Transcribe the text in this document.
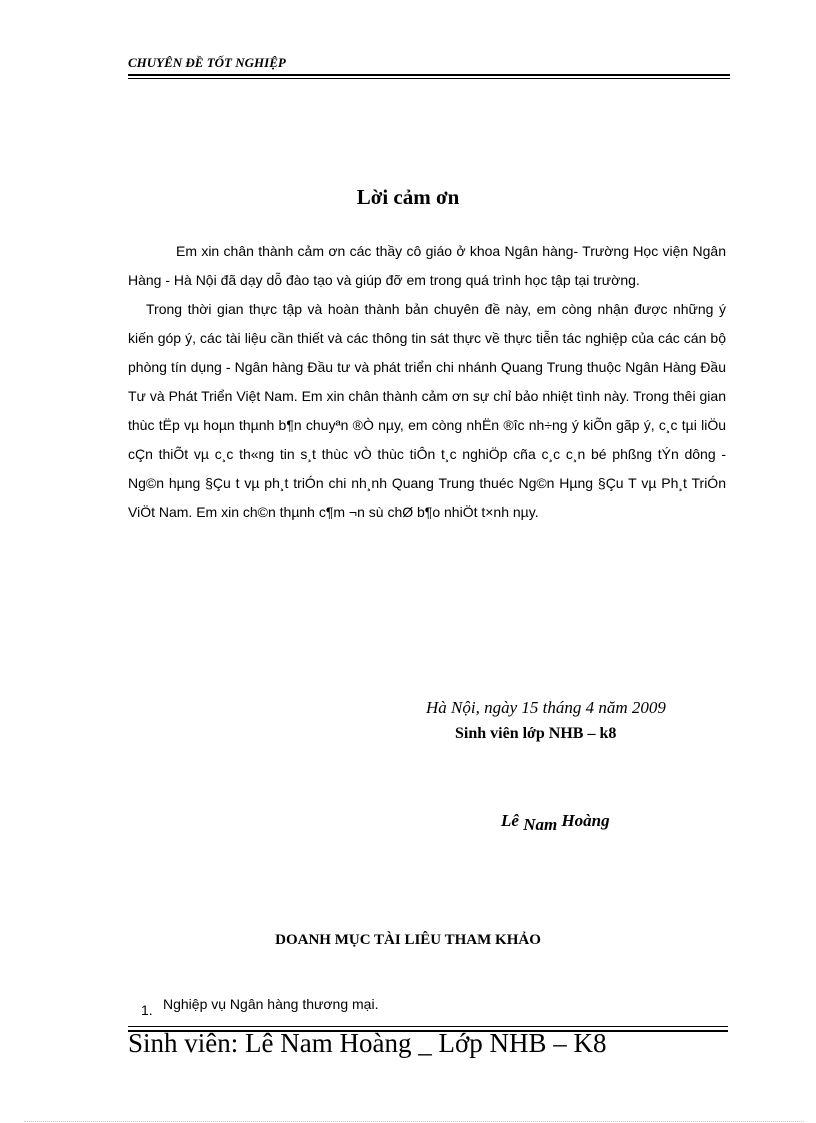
CHUYÊN ĐỀ TỐT NGHIỆP
Lời cảm ơn

Em xin chân thành cảm ơn các thầy cô giáo ở khoa Ngân hàng- Trường Học viện Ngân Hàng - Hà Nội đã dạy dỗ đào tạo và giúp đỡ em trong quá trình học tập tại trường.

Trong thời gian thực tập và hoàn thành bản chuyên đề này, em còng nhận được những ý kiến góp ý, các tài liệu cần thiết và các thông tin sát thực về thực tiễn tác nghiệp của các cán bộ phòng tín dụng - Ngân hàng Đầu tư và phát triển chi nhánh Quang Trung thuộc Ngân Hàng Đầu Tư và Phát Triển Việt Nam. Em xin chân thành cảm ơn sự chỉ bảo nhiệt tình này. Trong thêi gian thùc tËp vµ hoµn thµnh b¶n chuyªn ®Ò nµy, em còng nhËn ®îc nh÷ng ý kiÕn gãp ý, c¸c tµi liÖu cÇn thiÕt vµ c¸c th«ng tin s¸t thùc vÒ thùc tiÔn t¸c nghiÖp cña c¸c c¸n bé phßng tÝn dông - Ng©n hµng §Çu t vµ ph¸t triÓn chi nh¸nh Quang Trung thuéc Ng©n Hµng §Çu T vµ Ph¸t TriÓn ViÖt Nam. Em xin ch©n thµnh c¶m ¬n sù chØ b¶o nhiÖt t×nh nµy.

Hà Nội, ngày 15 tháng 4 năm 2009
Sinh viên lớp NHB – k8
Lê Nam Hoàng
DOANH MỤC TÀI LIÊU THAM KHẢO
1. Nghiệp vụ Ngân hàng thương mại.
Sinh viên: Lê Nam Hoàng _ Lớp NHB – K8
